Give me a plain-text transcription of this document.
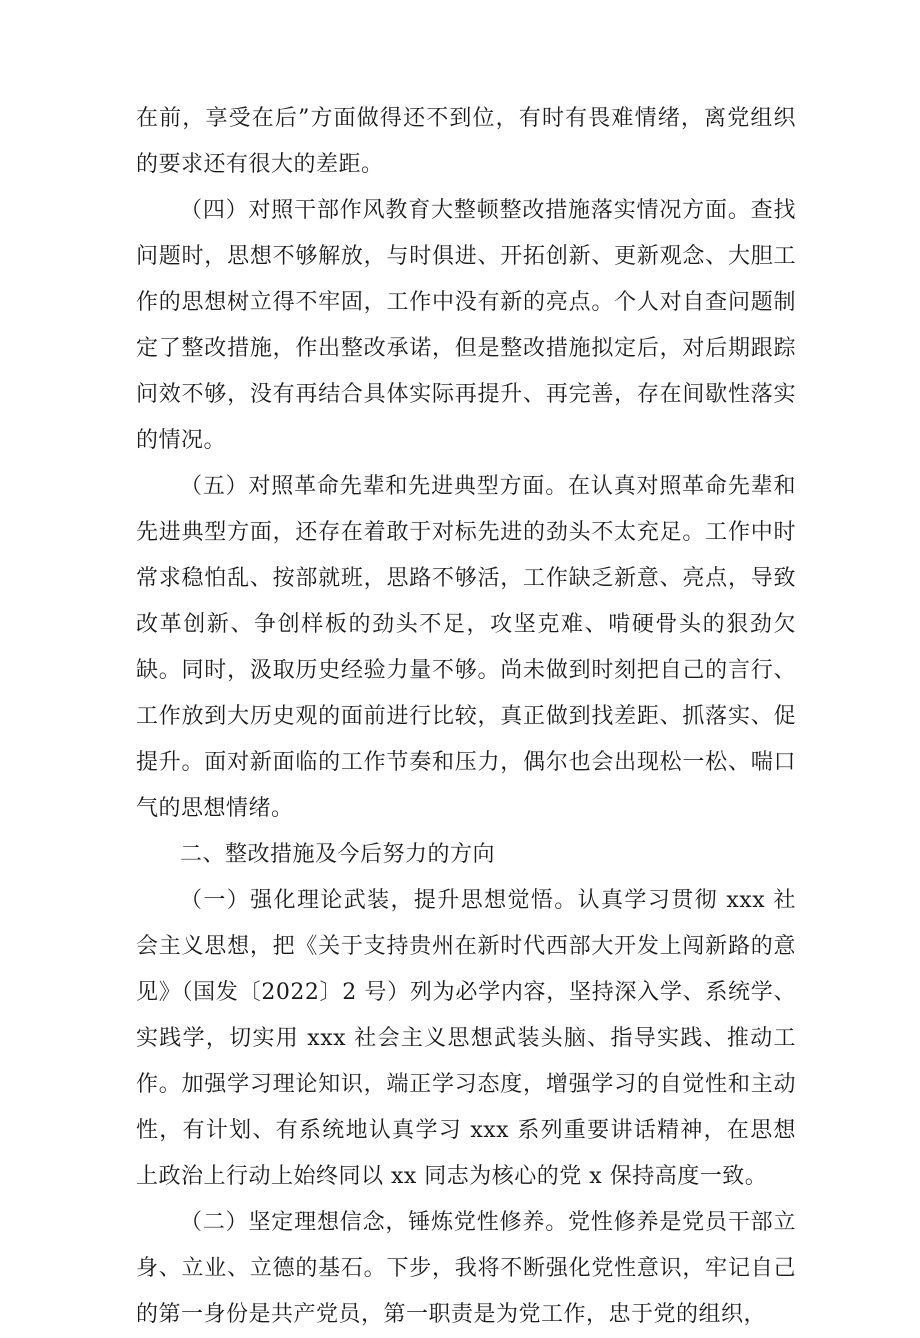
在前，享受在后”方面做得还不到位，有时有畏难情绪，离党组织的要求还有很大的差距。

（四）对照干部作风教育大整顿整改措施落实情况方面。查找问题时，思想不够解放，与时俱进、开拓创新、更新观念、大胆工作的思想树立得不牢固，工作中没有新的亮点。个人对自查问题制定了整改措施，作出整改承诺，但是整改措施拟定后，对后期跟踪问效不够，没有再结合具体实际再提升、再完善，存在间歇性落实的情况。

（五）对照革命先辈和先进典型方面。在认真对照革命先辈和先进典型方面，还存在着敢于对标先进的劲头不太充足。工作中时常求稳怕乱、按部就班，思路不够活，工作缺乏新意、亮点，导致改革创新、争创样板的劲头不足，攻坚克难、啃硬骨头的狠劲欠缺。同时，汲取历史经验力量不够。尚未做到时刻把自己的言行、工作放到大历史观的面前进行比较，真正做到找差距、抓落实、促提升。面对新面临的工作节奏和压力，偶尔也会出现松一松、喘口气的思想情绪。

二、整改措施及今后努力的方向

（一）强化理论武装，提升思想觉悟。认真学习贯彻 xxx 社会主义思想，把《关于支持贵州在新时代西部大开发上闯新路的意见》（国发〔2022〕2 号）列为必学内容，坚持深入学、系统学、实践学，切实用 xxx 社会主义思想武装头脑、指导实践、推动工作。加强学习理论知识，端正学习态度，增强学习的自觉性和主动性，有计划、有系统地认真学习 xxx 系列重要讲话精神，在思想上政治上行动上始终同以 xx 同志为核心的党 x 保持高度一致。

（二）坚定理想信念，锤炼党性修养。党性修养是党员干部立身、立业、立德的基石。下步，我将不断强化党性意识，牢记自己的第一身份是共产党员，第一职责是为党工作，忠于党的组织，
